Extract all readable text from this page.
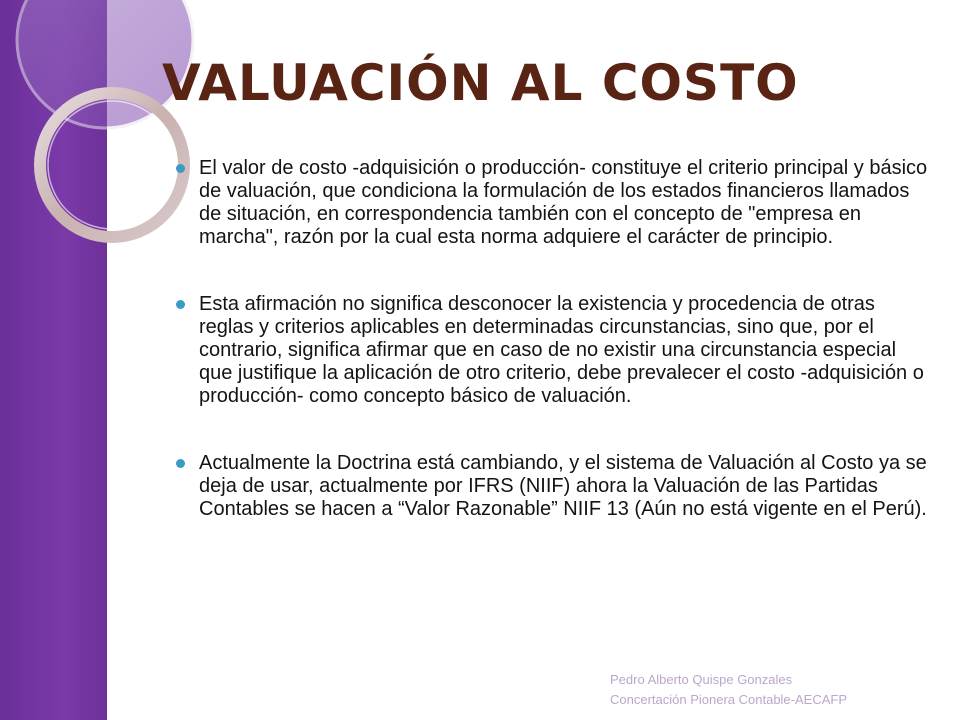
VALUACIÓN AL COSTO
El valor de costo -adquisición o producción- constituye el criterio principal y básico de valuación, que condiciona la formulación de los estados financieros llamados de situación, en correspondencia también con el concepto de "empresa en marcha", razón por la cual esta norma adquiere el carácter de principio.
Esta afirmación no significa desconocer la existencia y procedencia de otras reglas y criterios aplicables en determinadas circunstancias, sino que, por el contrario, significa afirmar que en caso de no existir una circunstancia especial que justifique la aplicación de otro criterio, debe prevalecer el costo -adquisición o producción- como concepto básico de valuación.
Actualmente la Doctrina está cambiando, y el sistema de Valuación al Costo ya se deja de usar, actualmente por IFRS (NIIF) ahora la Valuación de las Partidas Contables se hacen a “Valor Razonable” NIIF 13 (Aún no está vigente en el Perú).
Pedro Alberto Quispe Gonzales
Concertación Pionera Contable-AECAFP
